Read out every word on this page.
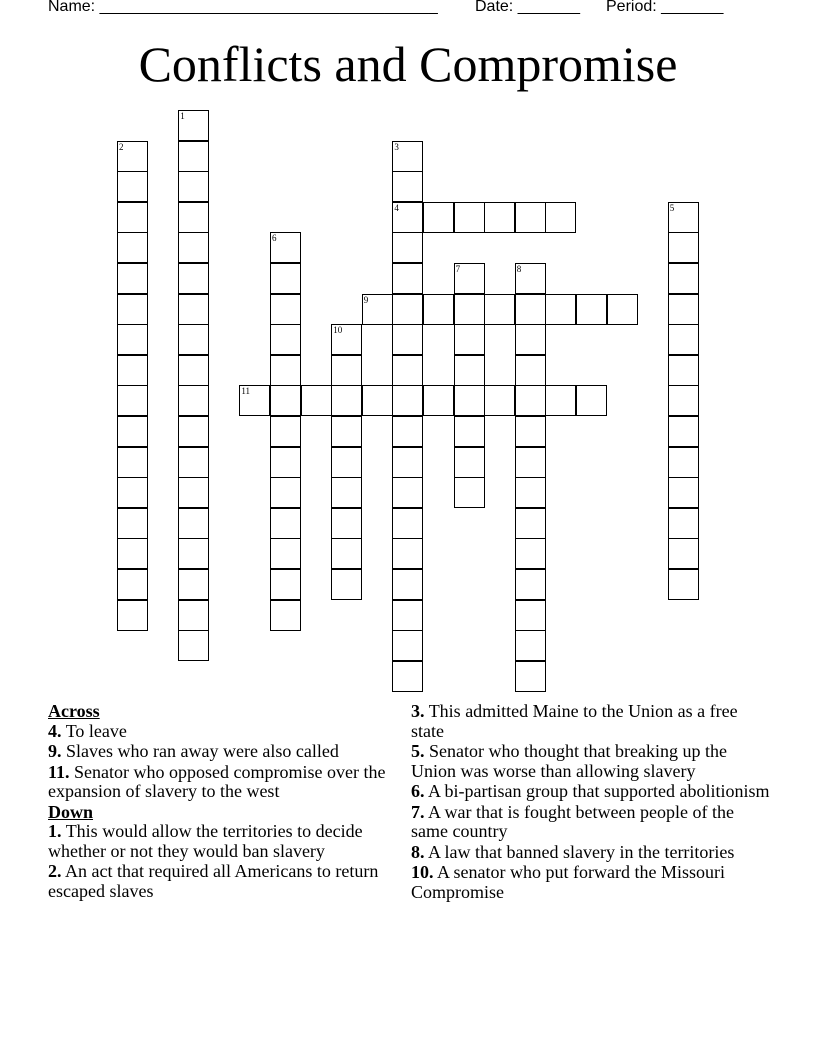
Name: ______________________________________

Date: _______

Period: _______

Conflicts and Compromise
1
2	3
4	5
6
7	8
9
10
11

Across

4. To leave

9. Slaves who ran away were also called

11. Senator who opposed compromise over the expansion of slavery to the west

Down

1. This would allow the territories to decide whether or not they would ban slavery

2. An act that required all Americans to return escaped slaves

3. This admitted Maine to the Union as a free state

5. Senator who thought that breaking up the Union was worse than allowing slavery

6. A bi-partisan group that supported abolitionism

7. A war that is fought between people of the same country

8. A law that banned slavery in the territories

10. A senator who put forward the Missouri Compromise
